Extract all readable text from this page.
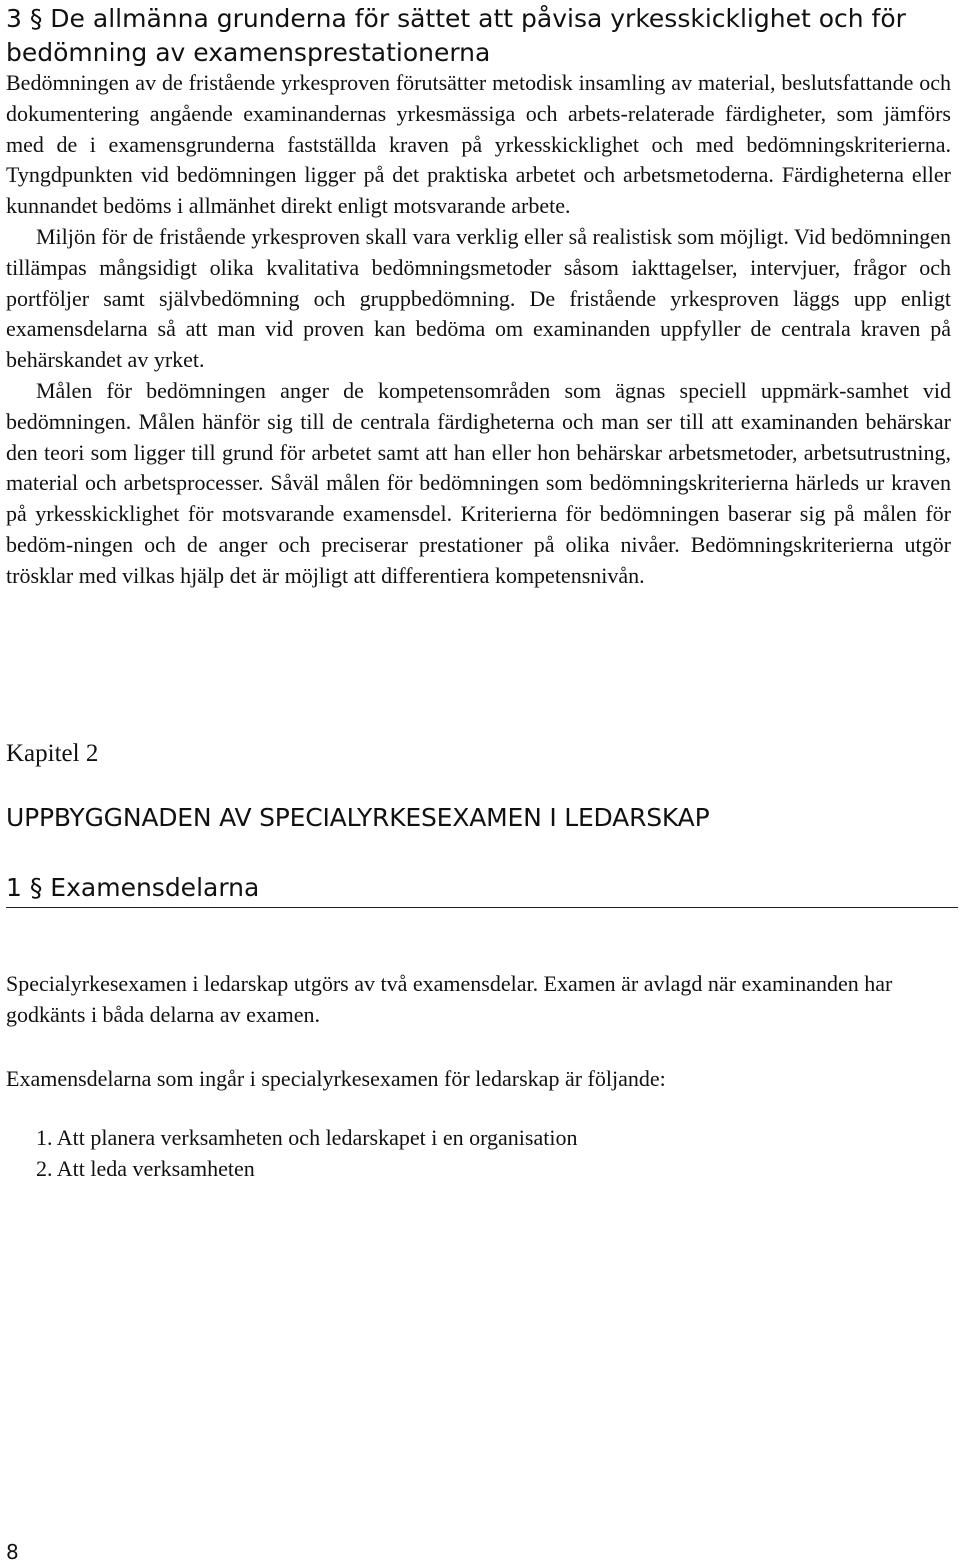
3 § De allmänna grunderna för sättet att påvisa yrkesskicklighet och för bedömning av examensprestationerna

Bedömningen av de fristående yrkesproven förutsätter metodisk insamling av material, beslutsfattande och dokumentering angående examinandernas yrkesmässiga och arbets-relaterade färdigheter, som jämförs med de i examensgrunderna fastställda kraven på yrkesskicklighet och med bedömningskriterierna. Tyngdpunkten vid bedömningen ligger på det praktiska arbetet och arbetsmetoderna. Färdigheterna eller kunnandet bedöms i allmänhet direkt enligt motsvarande arbete.

Miljön för de fristående yrkesproven skall vara verklig eller så realistisk som möjligt. Vid bedömningen tillämpas mångsidigt olika kvalitativa bedömningsmetoder såsom iakttagelser, intervjuer, frågor och portföljer samt självbedömning och gruppbedömning. De fristående yrkesproven läggs upp enligt examensdelarna så att man vid proven kan bedöma om examinanden uppfyller de centrala kraven på behärskandet av yrket.

Målen för bedömningen anger de kompetensområden som ägnas speciell uppmärk-samhet vid bedömningen. Målen hänför sig till de centrala färdigheterna och man ser till att examinanden behärskar den teori som ligger till grund för arbetet samt att han eller hon behärskar arbetsmetoder, arbetsutrustning, material och arbetsprocesser. Såväl målen för bedömningen som bedömningskriterierna härleds ur kraven på yrkesskicklighet för motsvarande examensdel. Kriterierna för bedömningen baserar sig på målen för bedöm-ningen och de anger och preciserar prestationer på olika nivåer. Bedömningskriterierna utgör trösklar med vilkas hjälp det är möjligt att differentiera kompetensnivån.

Kapitel 2
UPPBYGGNADEN AV SPECIALYRKESEXAMEN I LEDARSKAP
1 § Examensdelarna

Specialyrkesexamen i ledarskap utgörs av två examensdelar. Examen är avlagd när examinanden har godkänts i båda delarna av examen.

Examensdelarna som ingår i specialyrkesexamen för ledarskap är följande:

1. Att planera verksamheten och ledarskapet i en organisation
2. Att leda verksamheten
8
